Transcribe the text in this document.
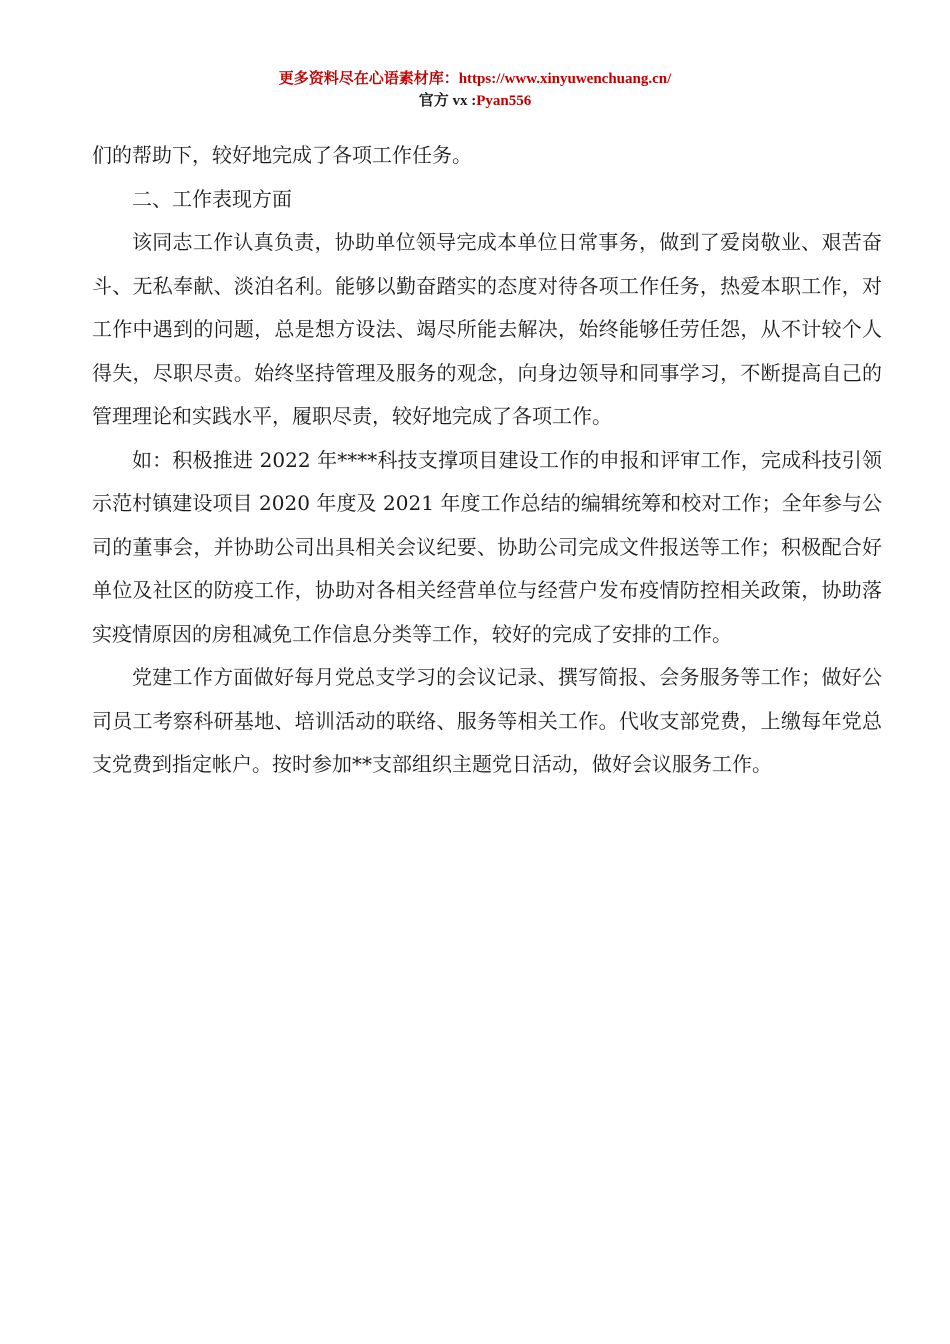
更多资料尽在心语素材库：https://www.xinyuwenchuang.cn/
官方 vx :Pyan556

们的帮助下，较好地完成了各项工作任务。

二、工作表现方面

该同志工作认真负责，协助单位领导完成本单位日常事务，做到了爱岗敬业、艰苦奋斗、无私奉献、淡泊名利。能够以勤奋踏实的态度对待各项工作任务，热爱本职工作，对工作中遇到的问题，总是想方设法、竭尽所能去解决，始终能够任劳任怨，从不计较个人得失，尽职尽责。始终坚持管理及服务的观念，向身边领导和同事学习，不断提高自己的管理理论和实践水平，履职尽责，较好地完成了各项工作。

如：积极推进 2022 年****科技支撑项目建设工作的申报和评审工作，完成科技引领示范村镇建设项目 2020 年度及 2021 年度工作总结的编辑统筹和校对工作；全年参与公司的董事会，并协助公司出具相关会议纪要、协助公司完成文件报送等工作；积极配合好单位及社区的防疫工作，协助对各相关经营单位与经营户发布疫情防控相关政策，协助落实疫情原因的房租减免工作信息分类等工作，较好的完成了安排的工作。

党建工作方面做好每月党总支学习的会议记录、撰写简报、会务服务等工作；做好公司员工考察科研基地、培训活动的联络、服务等相关工作。代收支部党费，上缴每年党总支党费到指定帐户。按时参加**支部组织主题党日活动，做好会议服务工作。
